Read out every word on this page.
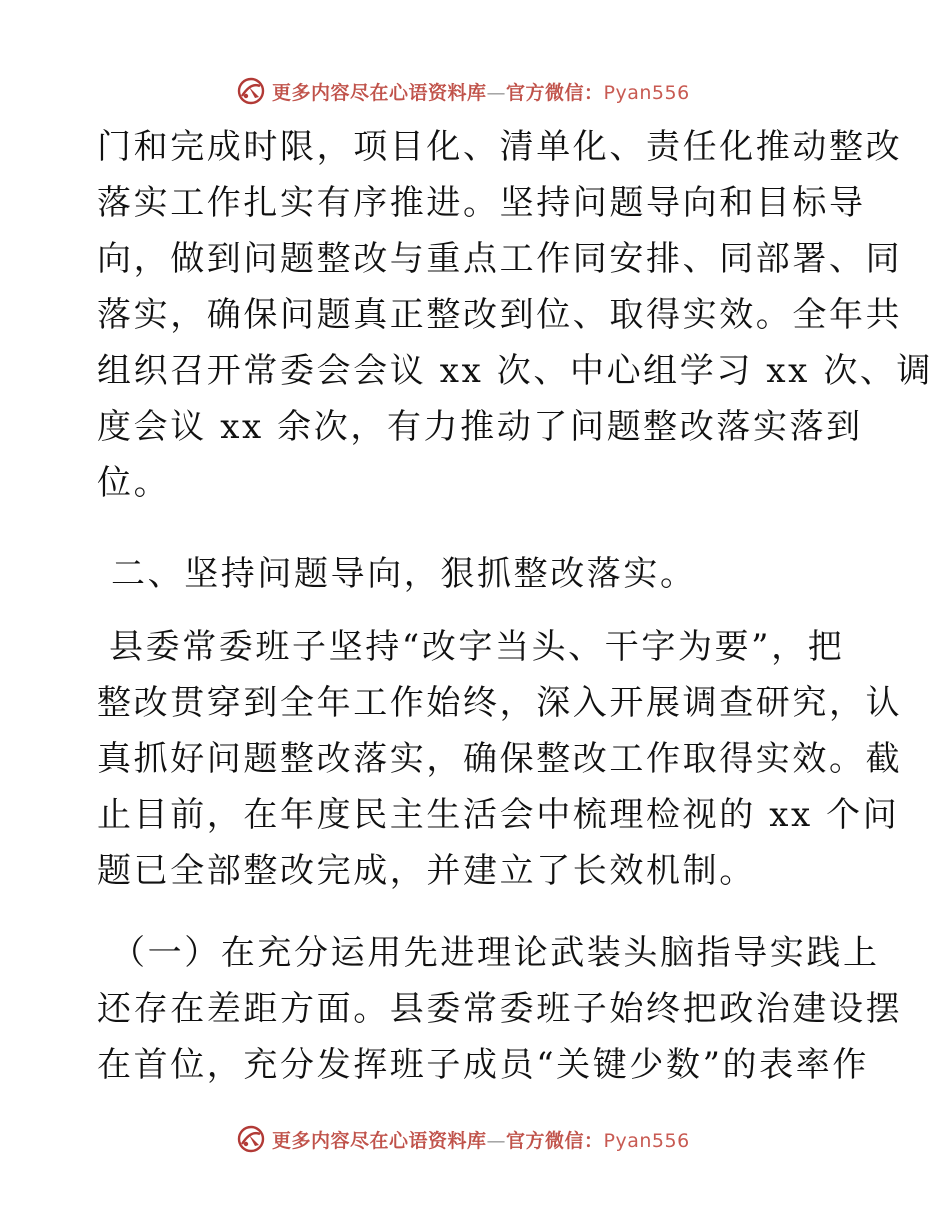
更多内容尽在心语资料库—官方微信：Pyan556
门和完成时限，项目化、清单化、责任化推动整改
落实工作扎实有序推进。坚持问题导向和目标导
向，做到问题整改与重点工作同安排、同部署、同
落实，确保问题真正整改到位、取得实效。全年共
组织召开常委会会议 xx 次、中心组学习 xx 次、调
度会议 xx 余次，有力推动了问题整改落实落到
位。
二、坚持问题导向，狠抓整改落实。
县委常委班子坚持“改字当头、干字为要”，把
整改贯穿到全年工作始终，深入开展调查研究，认
真抓好问题整改落实，确保整改工作取得实效。截
止目前，在年度民主生活会中梳理检视的 xx 个问
题已全部整改完成，并建立了长效机制。
（一）在充分运用先进理论武装头脑指导实践上
还存在差距方面。县委常委班子始终把政治建设摆
在首位，充分发挥班子成员“关键少数”的表率作
更多内容尽在心语资料库—官方微信：Pyan556
